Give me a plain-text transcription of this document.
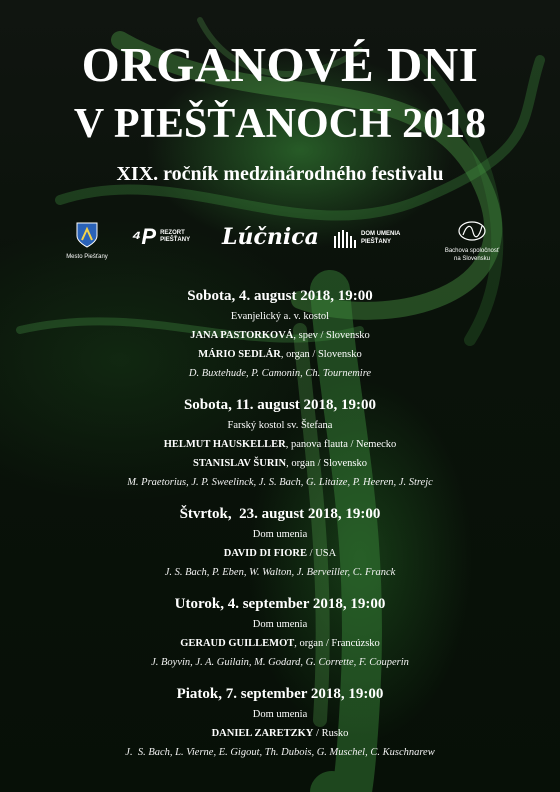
ORGANOVÉ DNI
V PIEŠŤANOCH 2018
XIX. ročník medzinárodného festivalu
Mesto Piešťany
⁴P REZORT
PIEŠŤANY	Lúčnica	DOM UMENIA
PIEŠŤANY
Bachova spoločnosť
na Slovensku
Sobota, 4. august 2018, 19:00
Evanjelický a. v. kostol
JANA PASTORKOVÁ, spev / Slovensko
MÁRIO SEDLÁR, organ / Slovensko
D. Buxtehude, P. Camonin, Ch. Tournemire
Sobota, 11. august 2018, 19:00
Farský kostol sv. Štefana
HELMUT HAUSKELLER, panova flauta / Nemecko
STANISLAV ŠURIN, organ / Slovensko
M. Praetorius, J. P. Sweelinck, J. S. Bach, G. Litaize, P. Heeren, J. Strejc
Štvrtok,  23. august 2018, 19:00
Dom umenia
DAVID DI FIORE / USA
J. S. Bach, P. Eben, W. Walton, J. Berveiller, C. Franck
Utorok, 4. september 2018, 19:00
Dom umenia
GERAUD GUILLEMOT, organ / Francúzsko
J. Boyvin, J. A. Guilain, M. Godard, G. Corrette, F. Couperin
Piatok, 7. september 2018, 19:00
Dom umenia
DANIEL ZARETZKY / Rusko
J.  S. Bach, L. Vierne, E. Gigout, Th. Dubois, G. Muschel, C. Kuschnarew
